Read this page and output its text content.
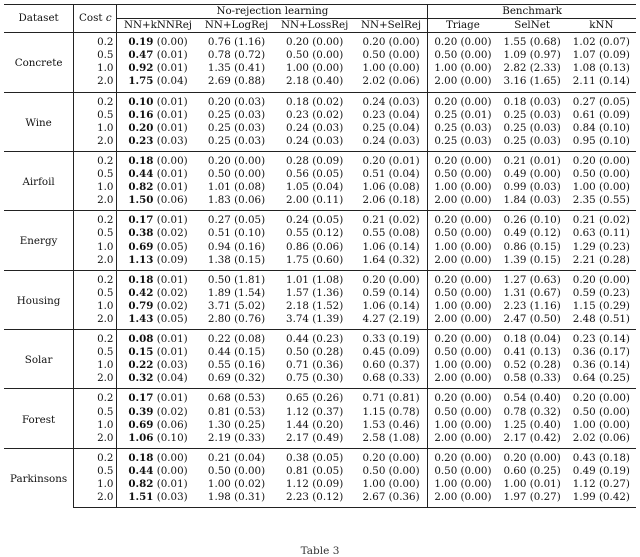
Dataset	Cost c	No-rejection learning				Benchmark		
		NN+kNNRej	NN+LogRej	NN+LossRej	NN+SelRej	Triage	SelNet	kNN
Concrete	0.2	0.19 (0.00)	0.76 (1.16)	0.20 (0.00)	0.20 (0.00)	0.20 (0.00)	1.55 (0.68)	1.02 (0.07)
	0.5	0.47 (0.01)	0.78 (0.72)	0.50 (0.00)	0.50 (0.00)	0.50 (0.00)	1.09 (0.97)	1.07 (0.09)
	1.0	0.92 (0.01)	1.35 (0.41)	1.00 (0.00)	1.00 (0.00)	1.00 (0.00)	2.82 (2.33)	1.08 (0.13)
	2.0	1.75 (0.04)	2.69 (0.88)	2.18 (0.40)	2.02 (0.06)	2.00 (0.00)	3.16 (1.65)	2.11 (0.14)
Wine	0.2	0.10 (0.01)	0.20 (0.03)	0.18 (0.02)	0.24 (0.03)	0.20 (0.00)	0.18 (0.03)	0.27 (0.05)
	0.5	0.16 (0.01)	0.25 (0.03)	0.23 (0.02)	0.23 (0.04)	0.25 (0.01)	0.25 (0.03)	0.61 (0.09)
	1.0	0.20 (0.01)	0.25 (0.03)	0.24 (0.03)	0.25 (0.04)	0.25 (0.03)	0.25 (0.03)	0.84 (0.10)
	2.0	0.23 (0.03)	0.25 (0.03)	0.24 (0.03)	0.24 (0.03)	0.25 (0.03)	0.25 (0.03)	0.95 (0.10)
Airfoil	0.2	0.18 (0.00)	0.20 (0.00)	0.28 (0.09)	0.20 (0.01)	0.20 (0.00)	0.21 (0.01)	0.20 (0.00)
	0.5	0.44 (0.01)	0.50 (0.00)	0.56 (0.05)	0.51 (0.04)	0.50 (0.00)	0.49 (0.00)	0.50 (0.00)
	1.0	0.82 (0.01)	1.01 (0.08)	1.05 (0.04)	1.06 (0.08)	1.00 (0.00)	0.99 (0.03)	1.00 (0.00)
	2.0	1.50 (0.06)	1.83 (0.06)	2.00 (0.11)	2.06 (0.18)	2.00 (0.00)	1.84 (0.03)	2.35 (0.55)
Energy	0.2	0.17 (0.01)	0.27 (0.05)	0.24 (0.05)	0.21 (0.02)	0.20 (0.00)	0.26 (0.10)	0.21 (0.02)
	0.5	0.38 (0.02)	0.51 (0.10)	0.55 (0.12)	0.55 (0.08)	0.50 (0.00)	0.49 (0.12)	0.63 (0.11)
	1.0	0.69 (0.05)	0.94 (0.16)	0.86 (0.06)	1.06 (0.14)	1.00 (0.00)	0.86 (0.15)	1.29 (0.23)
	2.0	1.13 (0.09)	1.38 (0.15)	1.75 (0.60)	1.64 (0.32)	2.00 (0.00)	1.39 (0.15)	2.21 (0.28)
Housing	0.2	0.18 (0.01)	0.50 (1.81)	1.01 (1.08)	0.20 (0.00)	0.20 (0.00)	1.27 (0.63)	0.20 (0.00)
	0.5	0.42 (0.02)	1.89 (1.54)	1.57 (1.36)	0.59 (0.14)	0.50 (0.00)	1.31 (0.67)	0.59 (0.23)
	1.0	0.79 (0.02)	3.71 (5.02)	2.18 (1.52)	1.06 (0.14)	1.00 (0.00)	2.23 (1.16)	1.15 (0.29)
	2.0	1.43 (0.05)	2.80 (0.76)	3.74 (1.39)	4.27 (2.19)	2.00 (0.00)	2.47 (0.50)	2.48 (0.51)
Solar	0.2	0.08 (0.01)	0.22 (0.08)	0.44 (0.23)	0.33 (0.19)	0.20 (0.00)	0.18 (0.04)	0.23 (0.14)
	0.5	0.15 (0.01)	0.44 (0.15)	0.50 (0.28)	0.45 (0.09)	0.50 (0.00)	0.41 (0.13)	0.36 (0.17)
	1.0	0.22 (0.03)	0.55 (0.16)	0.71 (0.36)	0.60 (0.37)	1.00 (0.00)	0.52 (0.28)	0.36 (0.14)
	2.0	0.32 (0.04)	0.69 (0.32)	0.75 (0.30)	0.68 (0.33)	2.00 (0.00)	0.58 (0.33)	0.64 (0.25)
Forest	0.2	0.17 (0.01)	0.68 (0.53)	0.65 (0.26)	0.71 (0.81)	0.20 (0.00)	0.54 (0.40)	0.20 (0.00)
	0.5	0.39 (0.02)	0.81 (0.53)	1.12 (0.37)	1.15 (0.78)	0.50 (0.00)	0.78 (0.32)	0.50 (0.00)
	1.0	0.69 (0.06)	1.30 (0.25)	1.44 (0.20)	1.53 (0.46)	1.00 (0.00)	1.25 (0.40)	1.00 (0.00)
	2.0	1.06 (0.10)	2.19 (0.33)	2.17 (0.49)	2.58 (1.08)	2.00 (0.00)	2.17 (0.42)	2.02 (0.06)
Parkinsons	0.2	0.18 (0.00)	0.21 (0.04)	0.38 (0.05)	0.20 (0.00)	0.20 (0.00)	0.20 (0.00)	0.43 (0.18)
	0.5	0.44 (0.00)	0.50 (0.00)	0.81 (0.05)	0.50 (0.00)	0.50 (0.00)	0.60 (0.25)	0.49 (0.19)
	1.0	0.82 (0.01)	1.00 (0.02)	1.12 (0.09)	1.00 (0.00)	1.00 (0.00)	1.00 (0.01)	1.12 (0.27)
	2.0	1.51 (0.03)	1.98 (0.31)	2.23 (0.12)	2.67 (0.36)	2.00 (0.00)	1.97 (0.27)	1.99 (0.42)
Table 3
